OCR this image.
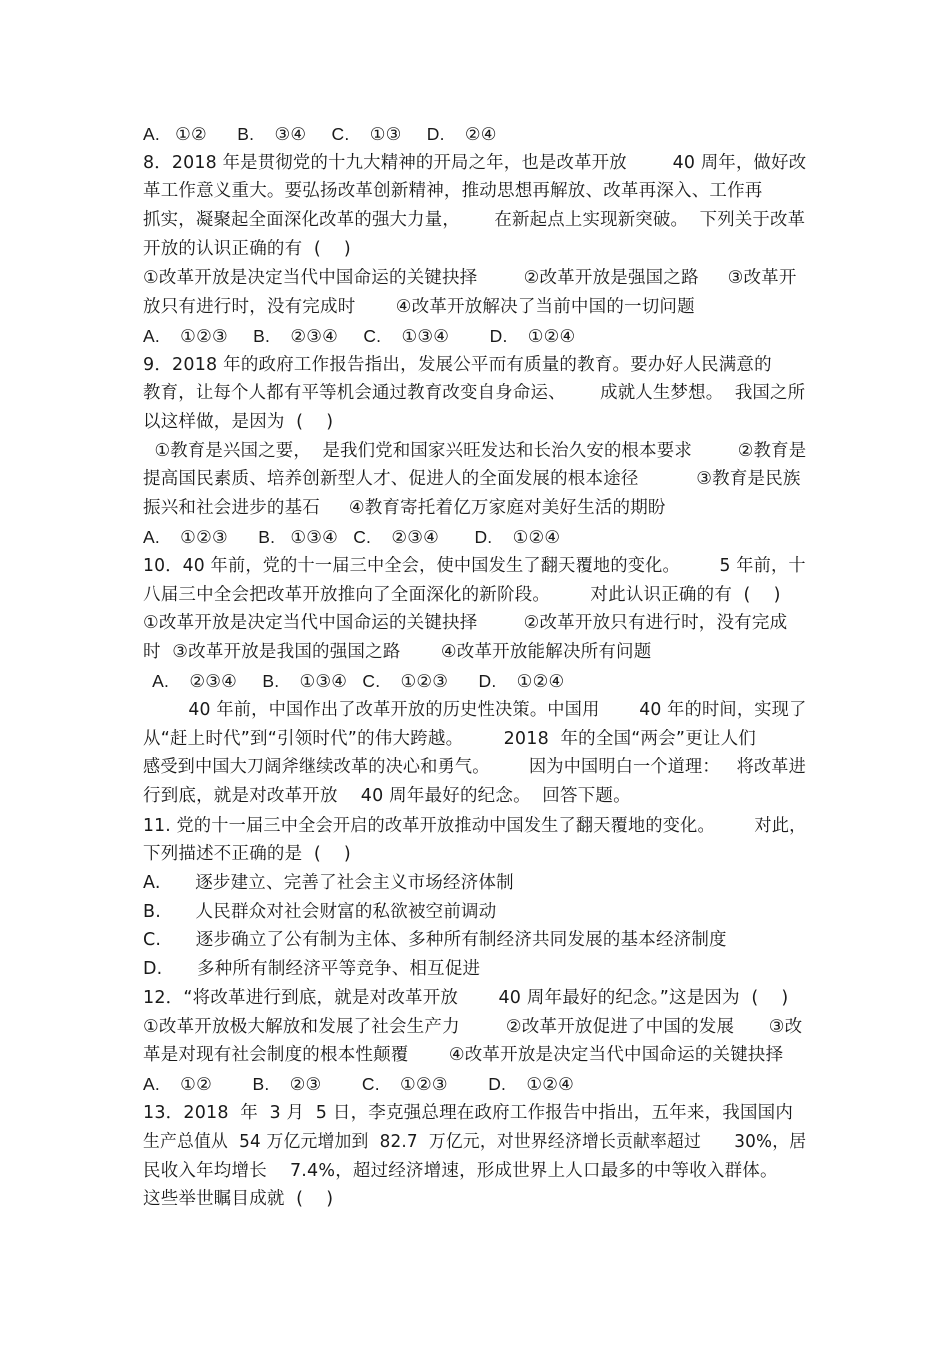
A.   ①②      B.    ③④     C.    ①③     D.    ②④
8．2018 年是贯彻党的十九大精神的开局之年，也是改革开放        40 周年，做好改
革工作意义重大。要弘扬改革创新精神，推动思想再解放、改革再深入、工作再
抓实，凝聚起全面深化改革的强大力量，      在新起点上实现新突破。  下列关于改革
开放的认识正确的有  (    )
①改革开放是决定当代中国命运的关键抉择        ②改革开放是强国之路     ③改革开
放只有进行时，没有完成时       ④改革开放解决了当前中国的一切问题
A.    ①②③     B.    ②③④     C.    ①③④        D.    ①②④
9．2018 年的政府工作报告指出，发展公平而有质量的教育。要办好人民满意的
教育，让每个人都有平等机会通过教育改变自身命运、      成就人生梦想。  我国之所
以这样做，是因为  (    )
①教育是兴国之要，  是我们党和国家兴旺发达和长治久安的根本要求        ②教育是
提高国民素质、培养创新型人才、促进人的全面发展的根本途径          ③教育是民族
振兴和社会进步的基石     ④教育寄托着亿万家庭对美好生活的期盼
A.    ①②③      B.   ①③④   C.    ②③④       D.    ①②④
10．40 年前，党的十一届三中全会，使中国发生了翻天覆地的变化。       5 年前，十
八届三中全会把改革开放推向了全面深化的新阶段。       对此认识正确的有  (    )
①改革开放是决定当代中国命运的关键抉择        ②改革开放只有进行时，没有完成
时  ③改革开放是我国的强国之路       ④改革开放能解决所有问题
A.    ②③④     B.    ①③④   C.    ①②③      D.    ①②④
40 年前，中国作出了改革开放的历史性决策。中国用       40 年的时间，实现了
从“赶上时代”到“引领时代”的伟大跨越。       2018  年的全国“两会”更让人们
感受到中国大刀阔斧继续改革的决心和勇气。       因为中国明白一个道理：   将改革进
行到底，就是对改革开放    40 周年最好的纪念。  回答下题。
11. 党的十一届三中全会开启的改革开放推动中国发生了翻天覆地的变化。       对此，
下列描述不正确的是  (    )
A.      逐步建立、完善了社会主义市场经济体制
B.      人民群众对社会财富的私欲被空前调动
C.      逐步确立了公有制为主体、多种所有制经济共同发展的基本经济制度
D.      多种所有制经济平等竞争、相互促进
12．“将改革进行到底，就是对改革开放       40 周年最好的纪念。”这是因为  (    )
①改革开放极大解放和发展了社会生产力        ②改革开放促进了中国的发展      ③改
革是对现有社会制度的根本性颠覆       ④改革开放是决定当代中国命运的关键抉择
A.    ①②        B.    ②③        C.    ①②③        D.    ①②④
13．2018  年  3 月  5 日，李克强总理在政府工作报告中指出，五年来，我国国内
生产总值从  54 万亿元增加到  82.7  万亿元，对世界经济增长贡献率超过      30%，居
民收入年均增长    7.4%，超过经济增速，形成世界上人口最多的中等收入群体。
这些举世瞩目成就  (    )
